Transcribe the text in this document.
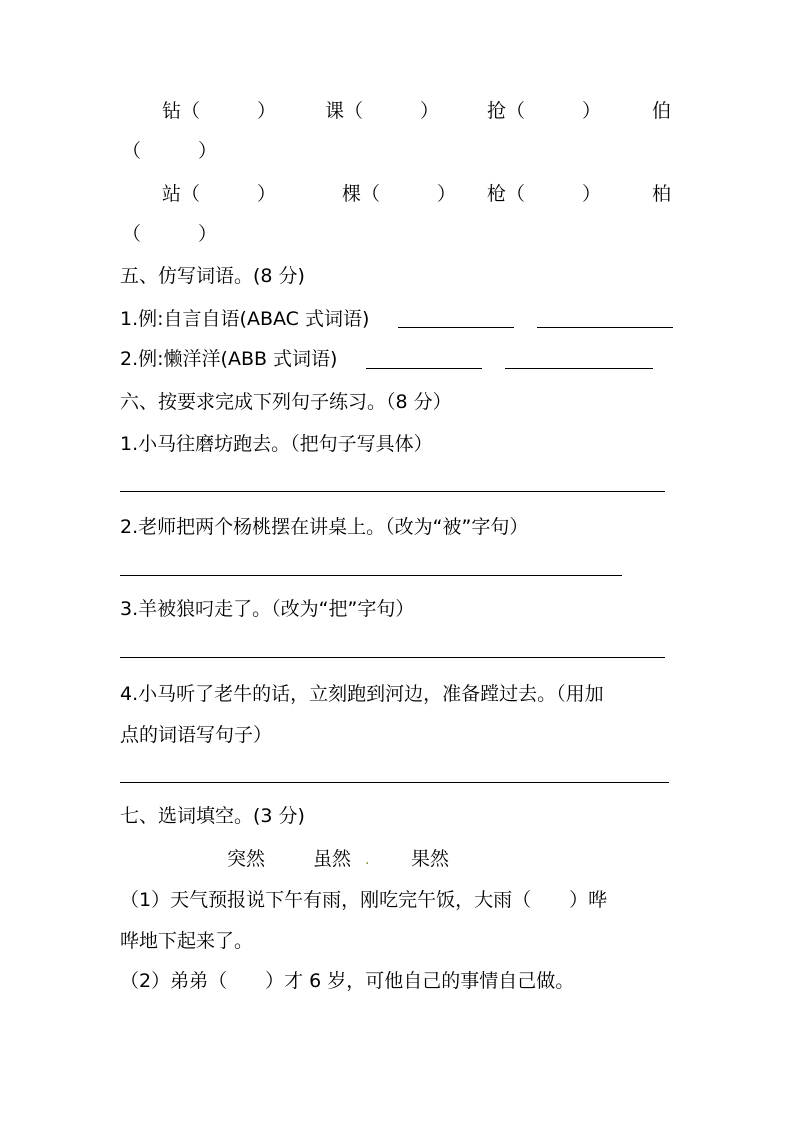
钻（　　　）	课（　　　）	抢（　　　）	伯
（　　　）
站（　　　）	棵（　　　） 枪（　　　）	柏
（　　　）
五、仿写词语。(8 分)
1.例:自言自语(ABAC 式词语)
2.例:懒洋洋(ABB 式词语)
六、按要求完成下列句子练习。（8 分）
1.小马往磨坊跑去。（把句子写具体）
2.老师把两个杨桃摆在讲桌上。（改为“被”字句）
3.羊被狼叼走了。（改为“把”字句）
4.小马听了老牛的话，立刻跑到河边，准备蹚过去。（用加
点的词语写句子）
七、选词填空。(3 分)
突然	虽然 . 果然
（1）天气预报说下午有雨，刚吃完午饭，大雨（　　）哗
哗地下起来了。
（2）弟弟（　　）才 6 岁，可他自己的事情自己做。
